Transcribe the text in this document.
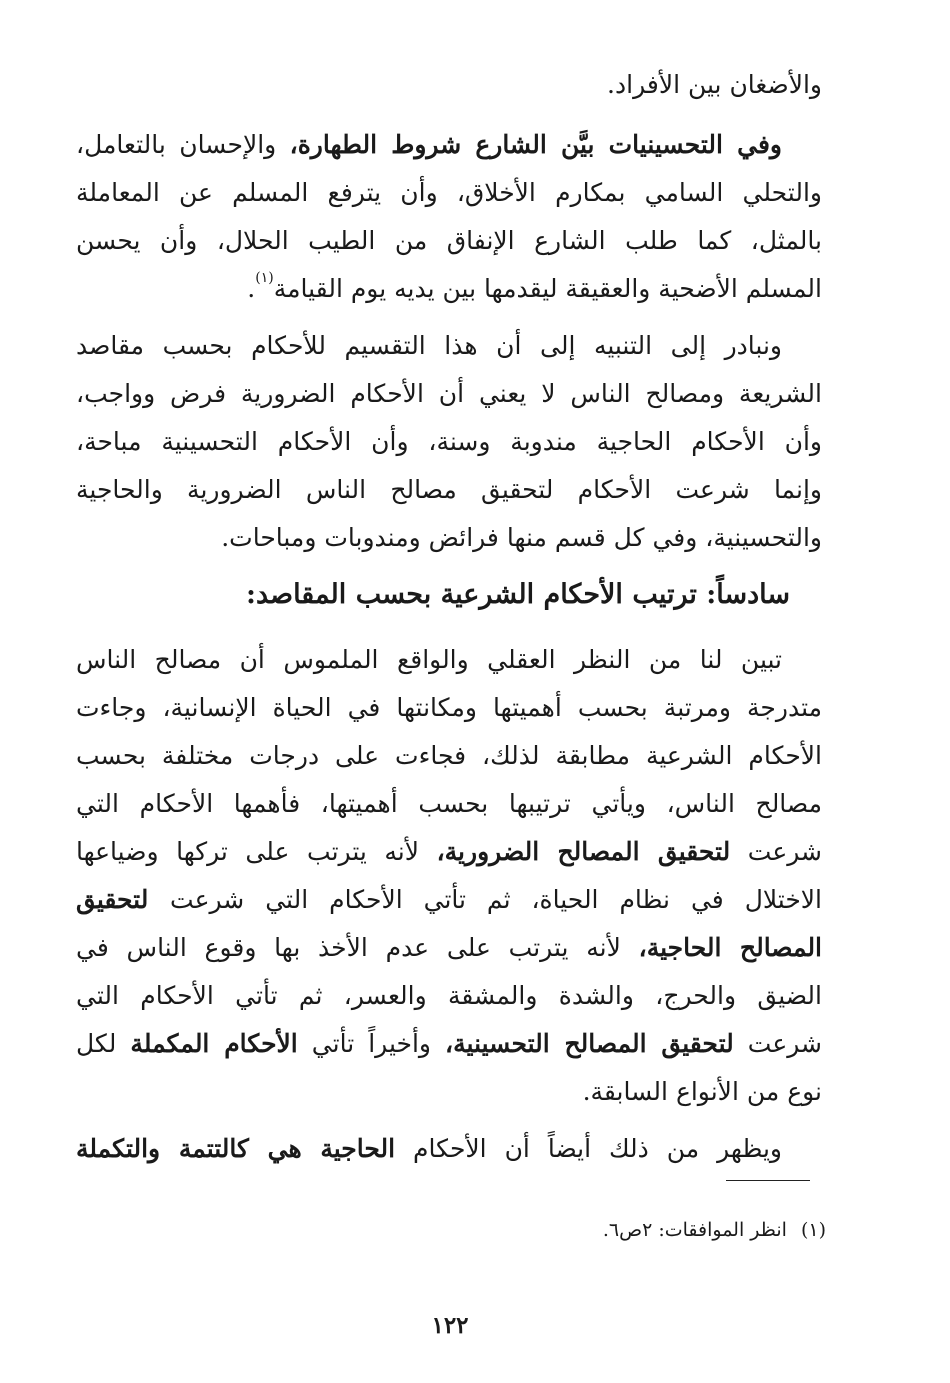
والأضغان بين الأفراد.
وفي التحسينيات بيَّن الشارع شروط الطهارة، والإحسان بالتعامل،
والتحلي السامي بمكارم الأخلاق، وأن يترفع المسلم عن المعاملة
بالمثل، كما طلب الشارع الإنفاق من الطيب الحلال، وأن يحسن
المسلم الأضحية والعقيقة ليقدمها بين يديه يوم القيامة$^{(١)}$.
ونبادر إلى التنبيه إلى أن هذا التقسيم للأحكام بحسب مقاصد
الشريعة ومصالح الناس لا يعني أن الأحكام الضرورية فرض وواجب،
وأن الأحكام الحاجية مندوبة وسنة، وأن الأحكام التحسينية مباحة،
وإنما شرعت الأحكام لتحقيق مصالح الناس الضرورية والحاجية
والتحسينية، وفي كل قسم منها فرائض ومندوبات ومباحات.
سادساً: ترتيب الأحكام الشرعية بحسب المقاصد:
تبين لنا من النظر العقلي والواقع الملموس أن مصالح الناس
متدرجة ومرتبة بحسب أهميتها ومكانتها في الحياة الإنسانية، وجاءت
الأحكام الشرعية مطابقة لذلك، فجاءت على درجات مختلفة بحسب
مصالح الناس، ويأتي ترتيبها بحسب أهميتها، فأهمها الأحكام التي
شرعت لتحقيق المصالح الضرورية، لأنه يترتب على تركها وضياعها
الاختلال في نظام الحياة، ثم تأتي الأحكام التي شرعت لتحقيق
المصالح الحاجية، لأنه يترتب على عدم الأخذ بها وقوع الناس في
الضيق والحرج، والشدة والمشقة والعسر، ثم تأتي الأحكام التي
شرعت لتحقيق المصالح التحسينية، وأخيراً تأتي الأحكام المكملة لكل
نوع من الأنواع السابقة.
ويظهر من ذلك أيضاً أن الأحكام الحاجية هي كالتتمة والتكملة
(١)انظر الموافقات: ٢ص٦.
١٢٢
